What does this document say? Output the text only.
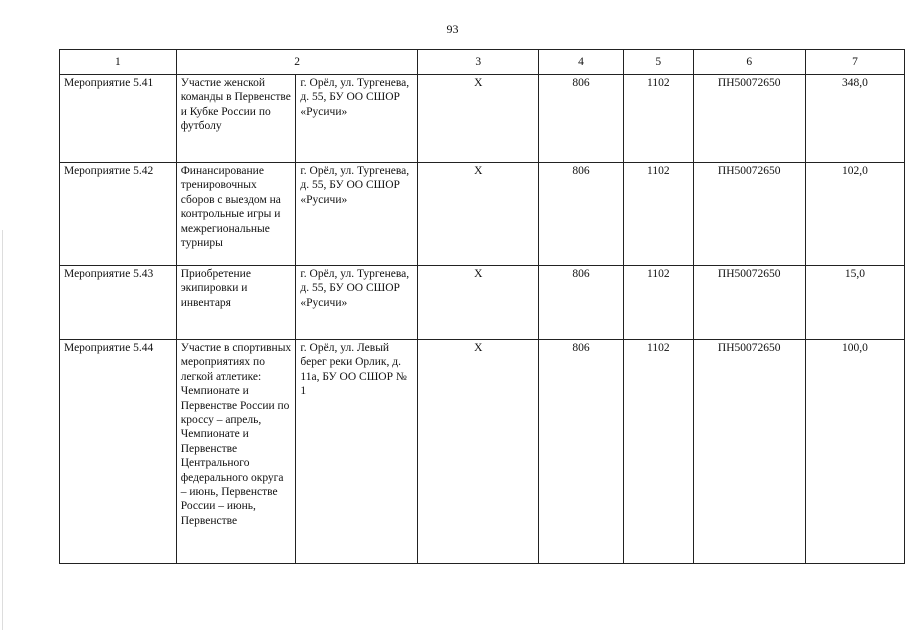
93
1	2		3	4	5	6	7
Мероприятие 5.41	Участие женской команды в Первенстве и Кубке России по футболу	г. Орёл, ул. Тургенева, д. 55, БУ ОО СШОР «Русичи»	Х	806	1102	ПН50072650	348,0
Мероприятие 5.42	Финансирование тренировочных сборов с выездом на контрольные игры и межрегиональные турниры	г. Орёл, ул. Тургенева, д. 55, БУ ОО СШОР «Русичи»	Х	806	1102	ПН50072650	102,0
Мероприятие 5.43	Приобретение экипировки и инвентаря	г. Орёл, ул. Тургенева, д. 55, БУ ОО СШОР «Русичи»	Х	806	1102	ПН50072650	15,0
Мероприятие 5.44	Участие в спортивных мероприятиях по легкой атлетике: Чемпионате и Первенстве России по кроссу – апрель, Чемпионате и Первенстве Центрального федерального округа – июнь, Первенстве России – июнь, Первенстве	г. Орёл, ул. Левый берег реки Орлик, д. 11а, БУ ОО СШОР № 1	Х	806	1102	ПН50072650	100,0
